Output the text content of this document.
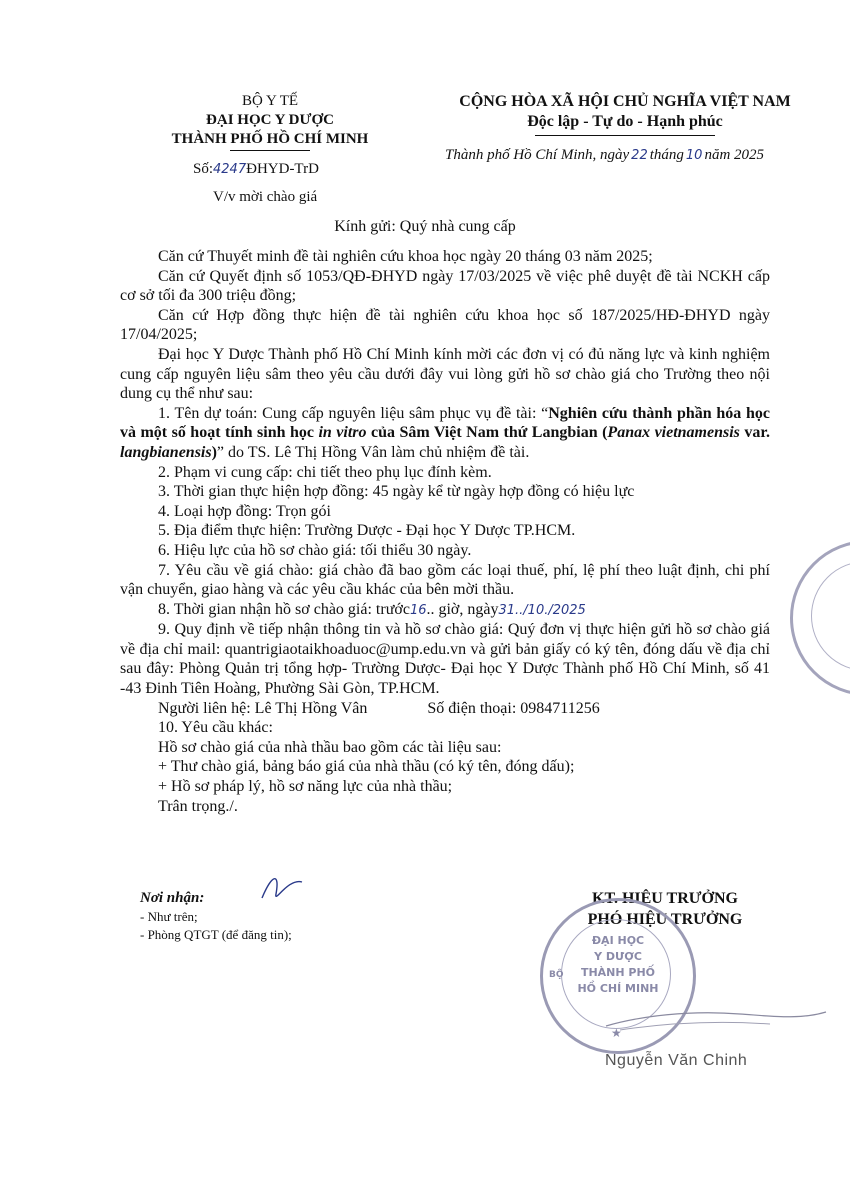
BỘ Y TẾ
ĐẠI HỌC Y DƯỢC
THÀNH PHỐ HỒ CHÍ MINH
Số:4247ĐHYD-TrD
V/v mời chào giá
CỘNG HÒA XÃ HỘI CHỦ NGHĨA VIỆT NAM
Độc lập - Tự do - Hạnh phúc
Thành phố Hồ Chí Minh, ngày 22 tháng 10 năm 2025
Kính gửi: Quý nhà cung cấp

Căn cứ Thuyết minh đề tài nghiên cứu khoa học ngày 20 tháng 03 năm 2025;

Căn cứ Quyết định số 1053/QĐ-ĐHYD ngày 17/03/2025 về việc phê duyệt đề tài NCKH cấp cơ sở tối đa 300 triệu đồng;

Căn cứ Hợp đồng thực hiện đề tài nghiên cứu khoa học số 187/2025/HĐ-ĐHYD ngày 17/04/2025;

Đại học Y Dược Thành phố Hồ Chí Minh kính mời các đơn vị có đủ năng lực và kinh nghiệm cung cấp nguyên liệu sâm theo yêu cầu dưới đây vui lòng gửi hồ sơ chào giá cho Trường theo nội dung cụ thể như sau:

1. Tên dự toán: Cung cấp nguyên liệu sâm phục vụ đề tài: “Nghiên cứu thành phần hóa học và một số hoạt tính sinh học in vitro của Sâm Việt Nam thứ Langbian (Panax vietnamensis var. langbianensis)” do TS. Lê Thị Hồng Vân làm chủ nhiệm đề tài.

2. Phạm vi cung cấp: chi tiết theo phụ lục đính kèm.

3. Thời gian thực hiện hợp đồng: 45 ngày kể từ ngày hợp đồng có hiệu lực

4. Loại hợp đồng: Trọn gói

5. Địa điểm thực hiện: Trường Dược - Đại học Y Dược TP.HCM.

6. Hiệu lực của hồ sơ chào giá: tối thiểu 30 ngày.

7. Yêu cầu về giá chào: giá chào đã bao gồm các loại thuế, phí, lệ phí theo luật định, chi phí vận chuyển, giao hàng và các yêu cầu khác của bên mời thầu.

8. Thời gian nhận hồ sơ chào giá: trước16.. giờ, ngày31../10./2025

9. Quy định về tiếp nhận thông tin và hồ sơ chào giá: Quý đơn vị thực hiện gửi hồ sơ chào giá về địa chỉ mail: quantrigiaotaikhoaduoc@ump.edu.vn và gửi bản giấy có ký tên, đóng dấu về địa chỉ sau đây: Phòng Quản trị tổng hợp- Trường Dược- Đại học Y Dược Thành phố Hồ Chí Minh, số 41 -43 Đinh Tiên Hoàng, Phường Sài Gòn, TP.HCM.

Người liên hệ: Lê Thị Hồng Vân	Số điện thoại: 0984711256

10. Yêu cầu khác:

Hồ sơ chào giá của nhà thầu bao gồm các tài liệu sau:

+ Thư chào giá, bảng báo giá của nhà thầu (có ký tên, đóng dấu);

+ Hồ sơ pháp lý, hồ sơ năng lực của nhà thầu;

Trân trọng./.

Nơi nhận:

- Như trên;

- Phòng QTGT (để đăng tin);

KT. HIỆU TRƯỞNG
PHÓ HIỆU TRƯỞNG
ĐẠI HỌC
Y DƯỢC
THÀNH PHỐ
HỒ CHÍ MINH
BỘ
★
Nguyễn Văn Chinh
